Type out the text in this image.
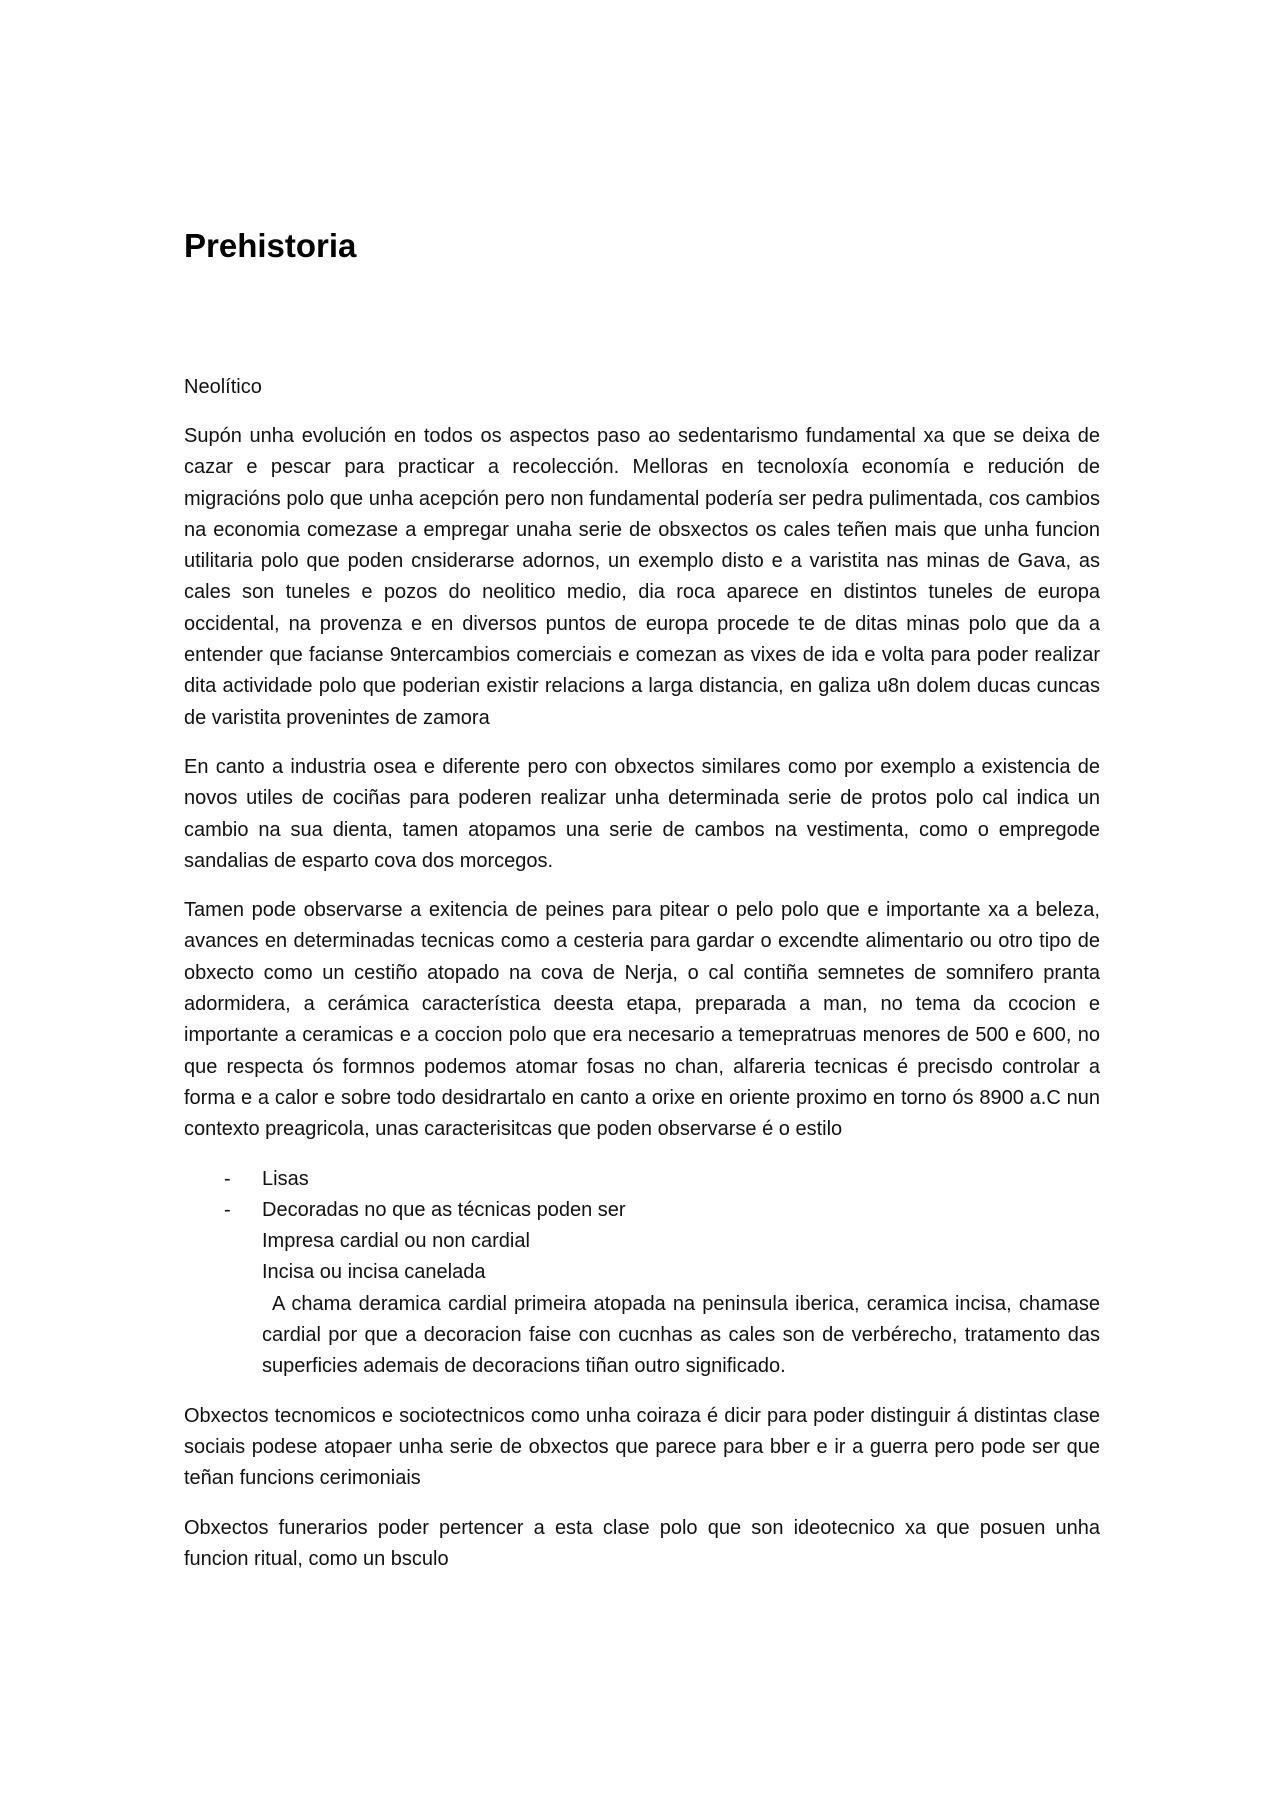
Prehistoria
Neolítico

Supón unha evolución en todos os aspectos paso ao sedentarismo fundamental xa que se deixa de cazar e pescar para practicar a recolección. Melloras en tecnoloxía economía e redución de migracións polo que unha acepción pero non fundamental podería ser pedra pulimentada, cos cambios na economia comezase a empregar unaha serie de obsxectos os cales teñen mais que unha funcion utilitaria polo que poden cnsiderarse adornos, un exemplo disto e a varistita nas minas de Gava, as cales son tuneles e pozos do neolitico medio, dia roca aparece en distintos tuneles de europa occidental, na provenza e en diversos puntos de europa procede te de ditas minas polo que da a entender que facianse 9ntercambios comerciais e comezan as vixes de ida e volta para poder realizar dita actividade polo que poderian existir relacions a larga distancia, en galiza u8n dolem ducas cuncas de varistita provenintes de zamora

En canto a industria osea e diferente pero con obxectos similares como por exemplo a existencia de novos utiles de cociñas para poderen realizar unha determinada serie de protos polo cal indica un cambio na sua dienta, tamen atopamos una serie de cambos na vestimenta, como o empregode sandalias de esparto cova dos morcegos.

Tamen pode observarse a exitencia de peines para pitear o pelo polo que e importante xa a beleza, avances en determinadas tecnicas como a cesteria para gardar o excendte alimentario ou otro tipo de obxecto como un cestiño atopado na cova de Nerja, o cal contiña semnetes de somnifero pranta adormidera, a cerámica característica deesta etapa, preparada a man, no tema da ccocion e importante a ceramicas e a coccion polo que era necesario a temepratruas menores de 500 e 600, no que respecta ós formnos podemos atomar fosas no chan, alfareria tecnicas é precisdo controlar a forma e a calor e sobre todo desidrartalo en canto a orixe en oriente proximo en torno ós 8900 a.C nun contexto preagricola, unas caracterisitcas que poden observarse é o estilo

- Lisas
- Decoradas no que as técnicas poden ser
Impresa cardial ou non cardial
Incisa ou incisa canelada
A chama deramica cardial primeira atopada na peninsula iberica, ceramica incisa, chamase cardial por que a decoracion faise con cucnhas as cales son de verbérecho, tratamento das superficies ademais de decoracions tiñan outro significado.

Obxectos tecnomicos e sociotectnicos como unha coiraza é dicir para poder distinguir á distintas clase sociais podese atopaer unha serie de obxectos que parece para bber e ir a guerra pero pode ser que teñan funcions cerimoniais

Obxectos funerarios poder pertencer a esta clase polo que son ideotecnico xa que posuen unha funcion ritual, como un bsculo
